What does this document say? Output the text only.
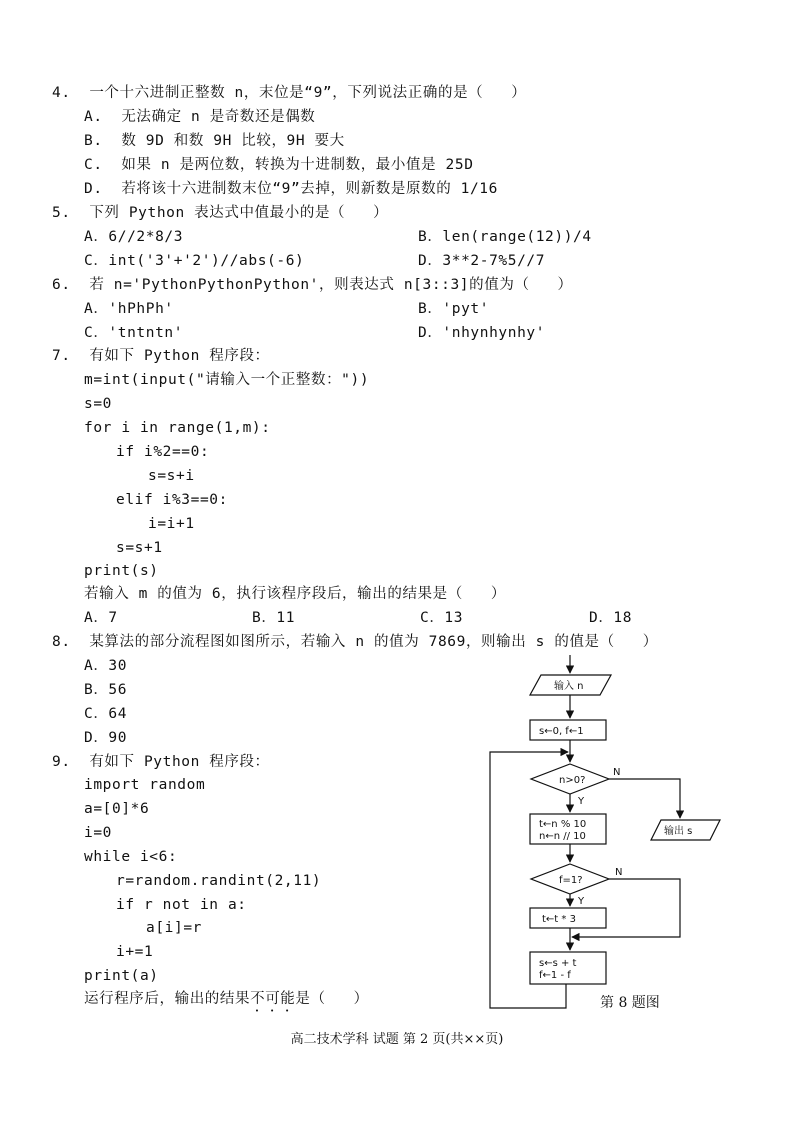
4.  一个十六进制正整数 n，末位是“9”，下列说法正确的是（   ）
A.  无法确定 n 是奇数还是偶数
B.  数 9D 和数 9H 比较，9H 要大
C.  如果 n 是两位数，转换为十进制数，最小值是 25D
D.  若将该十六进制数末位“9”去掉，则新数是原数的 1/16
5.  下列 Python 表达式中值最小的是（   ）
A．6//2*8/3	B．len(range(12))/4
C．int('3'+'2')//abs(-6)	D．3**2-7%5//7
6.  若 n='PythonPythonPython'，则表达式 n[3::3]的值为（   ）
A．'hPhPh'	B．'pyt'
C．'tntntn'	D．'nhynhynhy'
7.  有如下 Python 程序段：
m=int(input("请输入一个正整数："))
s=0
for i in range(1,m):
if i%2==0:
s=s+i
elif i%3==0:
i=i+1
s=s+1
print(s)
若输入 m 的值为 6，执行该程序段后，输出的结果是（   ）
A．7	B．11	C．13	D．18
8.  某算法的部分流程图如图所示，若输入 n 的值为 7869，则输出 s 的值是（   ）
A．30
B．56
C．64
D．90
9.  有如下 Python 程序段：
import random
a=[0]*6
i=0
while i<6:
r=random.randint(2,11)
if r not in a:
a[i]=r
i+=1
print(a)
运行程序后，输出的结果不可能是（   ）
输入 n
s←0, f←1
n>0?
N
Y
t←n % 10
n←n // 10	输出 s
f=1?
N
Y
t←t * 3
s←s + t
f←1 - f
第 8 题图
高二技术学科 试题 第 2 页(共××页)
